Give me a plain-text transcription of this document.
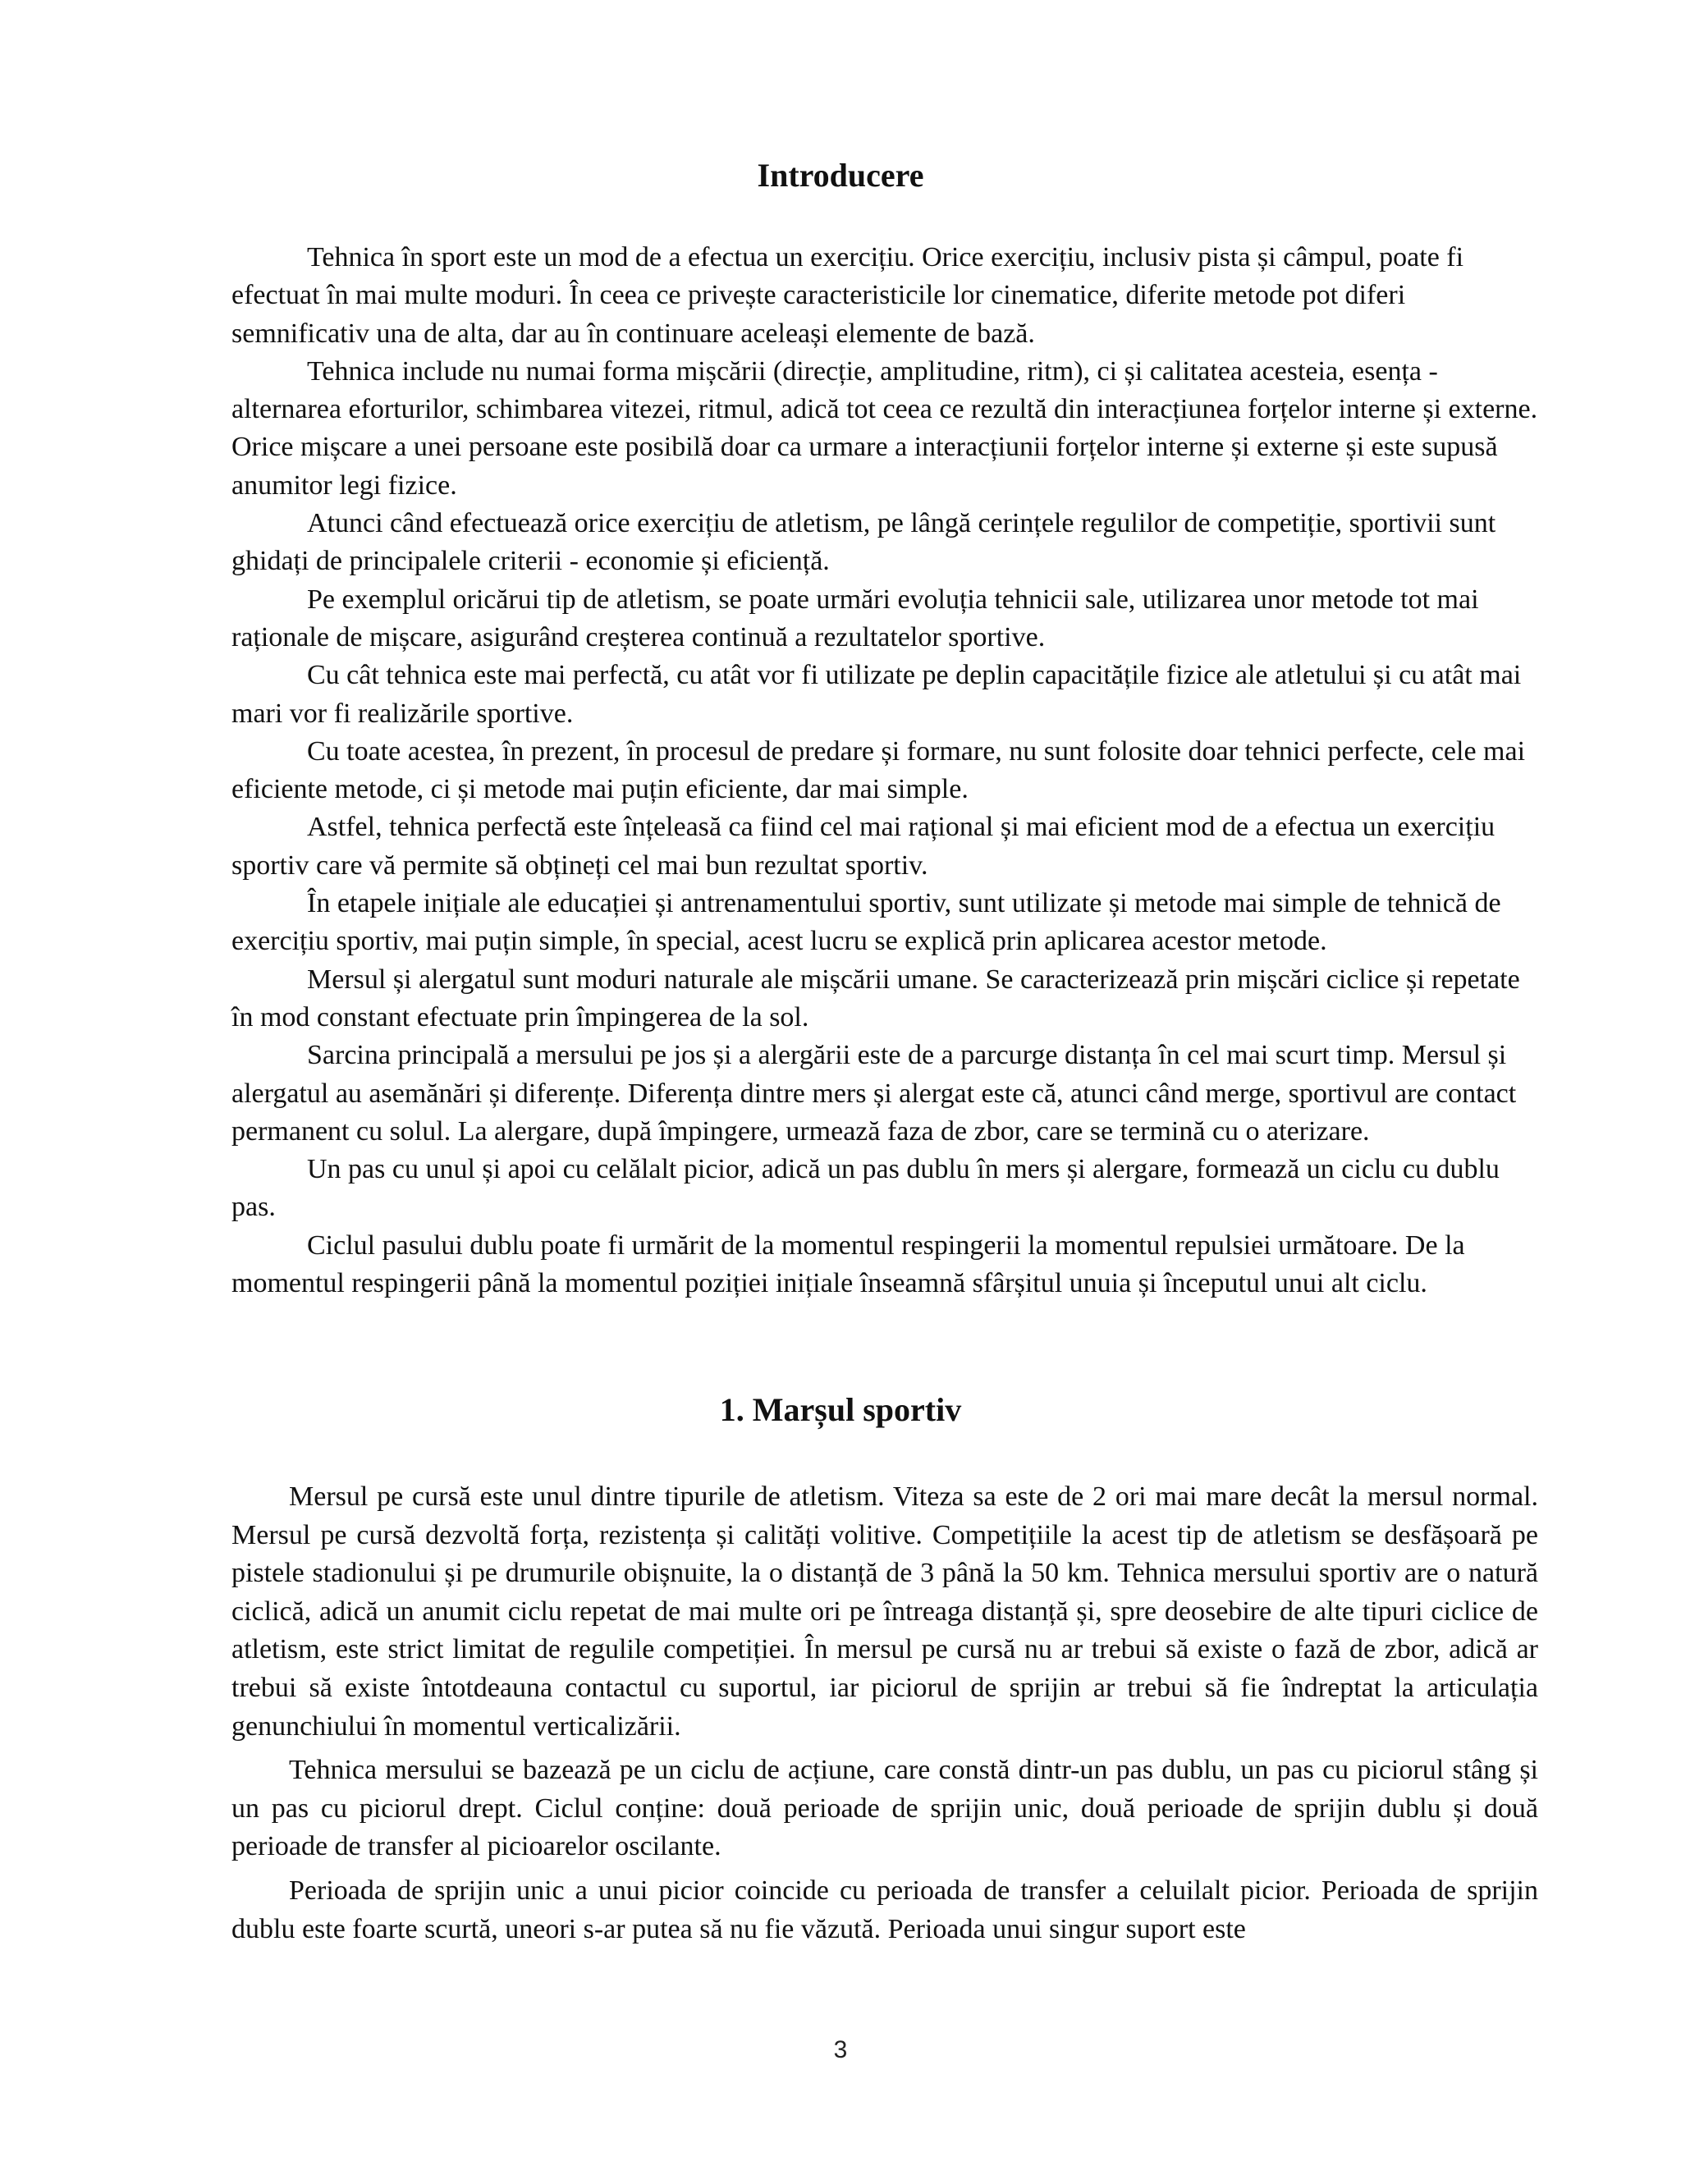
Introducere

Tehnica în sport este un mod de a efectua un exercițiu. Orice exercițiu, inclusiv pista și câmpul, poate fi efectuat în mai multe moduri. În ceea ce privește caracteristicile lor cinematice, diferite metode pot diferi semnificativ una de alta, dar au în continuare aceleași elemente de bază.

Tehnica include nu numai forma mișcării (direcție, amplitudine, ritm), ci și calitatea acesteia, esența - alternarea eforturilor, schimbarea vitezei, ritmul, adică tot ceea ce rezultă din interacțiunea forțelor interne și externe. Orice mișcare a unei persoane este posibilă doar ca urmare a interacțiunii forțelor interne și externe și este supusă anumitor legi fizice.

Atunci când efectuează orice exercițiu de atletism, pe lângă cerințele regulilor de competiție, sportivii sunt ghidați de principalele criterii - economie și eficiență.

Pe exemplul oricărui tip de atletism, se poate urmări evoluția tehnicii sale, utilizarea unor metode tot mai raționale de mișcare, asigurând creșterea continuă a rezultatelor sportive.

Cu cât tehnica este mai perfectă, cu atât vor fi utilizate pe deplin capacitățile fizice ale atletului și cu atât mai mari vor fi realizările sportive.

Cu toate acestea, în prezent, în procesul de predare și formare, nu sunt folosite doar tehnici perfecte, cele mai eficiente metode, ci și metode mai puțin eficiente, dar mai simple.

Astfel, tehnica perfectă este înțeleasă ca fiind cel mai rațional și mai eficient mod de a efectua un exercițiu sportiv care vă permite să obțineți cel mai bun rezultat sportiv.

În etapele inițiale ale educației și antrenamentului sportiv, sunt utilizate și metode mai simple de tehnică de exercițiu sportiv, mai puțin simple, în special, acest lucru se explică prin aplicarea acestor metode.

Mersul și alergatul sunt moduri naturale ale mișcării umane. Se caracterizează prin mișcări ciclice și repetate în mod constant efectuate prin împingerea de la sol.

Sarcina principală a mersului pe jos și a alergării este de a parcurge distanța în cel mai scurt timp. Mersul și alergatul au asemănări și diferențe. Diferența dintre mers și alergat este că, atunci când merge, sportivul are contact permanent cu solul. La alergare, după împingere, urmează faza de zbor, care se termină cu o aterizare.

Un pas cu unul și apoi cu celălalt picior, adică un pas dublu în mers și alergare, formează un ciclu cu dublu pas.

Ciclul pasului dublu poate fi urmărit de la momentul respingerii la momentul repulsiei următoare. De la momentul respingerii până la momentul poziției inițiale înseamnă sfârșitul unuia și începutul unui alt ciclu.

1. Marșul sportiv

Mersul pe cursă este unul dintre tipurile de atletism. Viteza sa este de 2 ori mai mare decât la mersul normal. Mersul pe cursă dezvoltă forța, rezistența și calități volitive. Competițiile la acest tip de atletism se desfășoară pe pistele stadionului și pe drumurile obișnuite, la o distanță de 3 până la 50 km. Tehnica mersului sportiv are o natură ciclică, adică un anumit ciclu repetat de mai multe ori pe întreaga distanță și, spre deosebire de alte tipuri ciclice de atletism, este strict limitat de regulile competiției. În mersul pe cursă nu ar trebui să existe o fază de zbor, adică ar trebui să existe întotdeauna contactul cu suportul, iar piciorul de sprijin ar trebui să fie îndreptat la articulația genunchiului în momentul verticalizării.

Tehnica mersului se bazează pe un ciclu de acțiune, care constă dintr-un pas dublu, un pas cu piciorul stâng și un pas cu piciorul drept. Ciclul conține: două perioade de sprijin unic, două perioade de sprijin dublu și două perioade de transfer al picioarelor oscilante.

Perioada de sprijin unic a unui picior coincide cu perioada de transfer a celuilalt picior. Perioada de sprijin dublu este foarte scurtă, uneori s-ar putea să nu fie văzută. Perioada unui singur suport este

3
